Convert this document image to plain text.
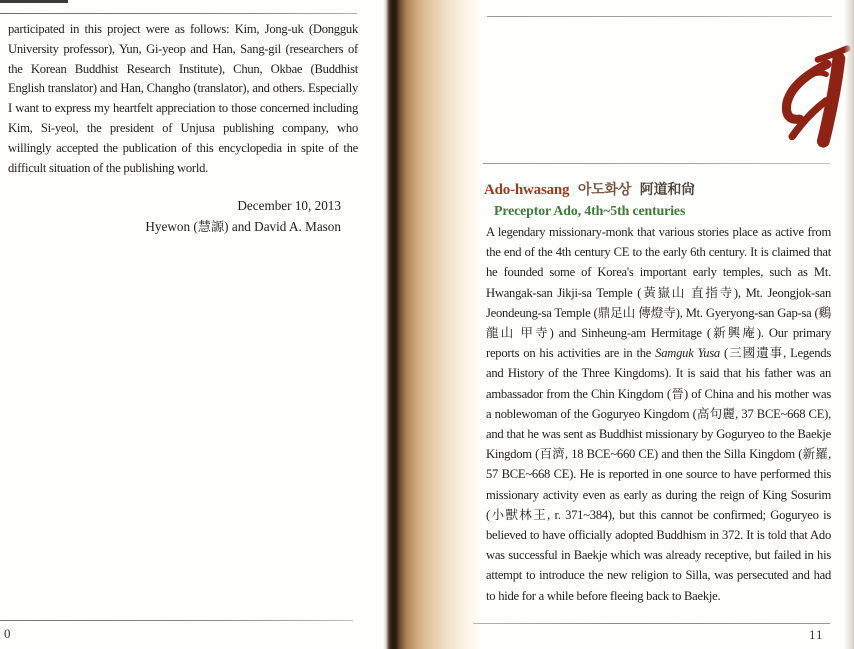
participated in this project were as follows: Kim, Jong-uk (Dongguk University professor), Yun, Gi-yeop and Han, Sang-gil (researchers of the Korean Buddhist Research Institute), Chun, Okbae (Buddhist English translator) and Han, Changho (translator), and others. Especially I want to express my heartfelt appreciation to those concerned including Kim, Si-yeol, the president of Unjusa publishing company, who willingly accepted the publication of this encyclopedia in spite of the difficult situation of the publishing world.

December 10, 2013
Hyewon (慧謜) and David A. Mason
0
Ado-hwasang 아도화상 阿道和尙
Preceptor Ado, 4th~5th centuries

A legendary missionary-monk that various stories place as active from the end of the 4th century CE to the early 6th century. It is claimed that he founded some of Korea's important early temples, such as Mt. Hwangak-san Jikji-sa Temple (黃嶽山 直指寺), Mt. Jeongjok-san Jeondeung-sa Temple (鼎足山 傳燈寺), Mt. Gyeryong-san Gap-sa (鷄龍山 甲寺) and Sinheung-am Hermitage (新興庵). Our primary reports on his activities are in the Samguk Yusa (三國遺事, Legends and History of the Three Kingdoms). It is said that his father was an ambassador from the Chin Kingdom (晉) of China and his mother was a noblewoman of the Goguryeo Kingdom (高句麗, 37 BCE~668 CE), and that he was sent as Buddhist missionary by Goguryeo to the Baekje Kingdom (百濟, 18 BCE~660 CE) and then the Silla Kingdom (新羅, 57 BCE~668 CE). He is reported in one source to have performed this missionary activity even as early as during the reign of King Sosurim (小獸林王, r. 371~384), but this cannot be confirmed; Goguryeo is believed to have officially adopted Buddhism in 372. It is told that Ado was successful in Baekje which was already receptive, but failed in his attempt to introduce the new religion to Silla, was persecuted and had to hide for a while before fleeing back to Baekje.

11
